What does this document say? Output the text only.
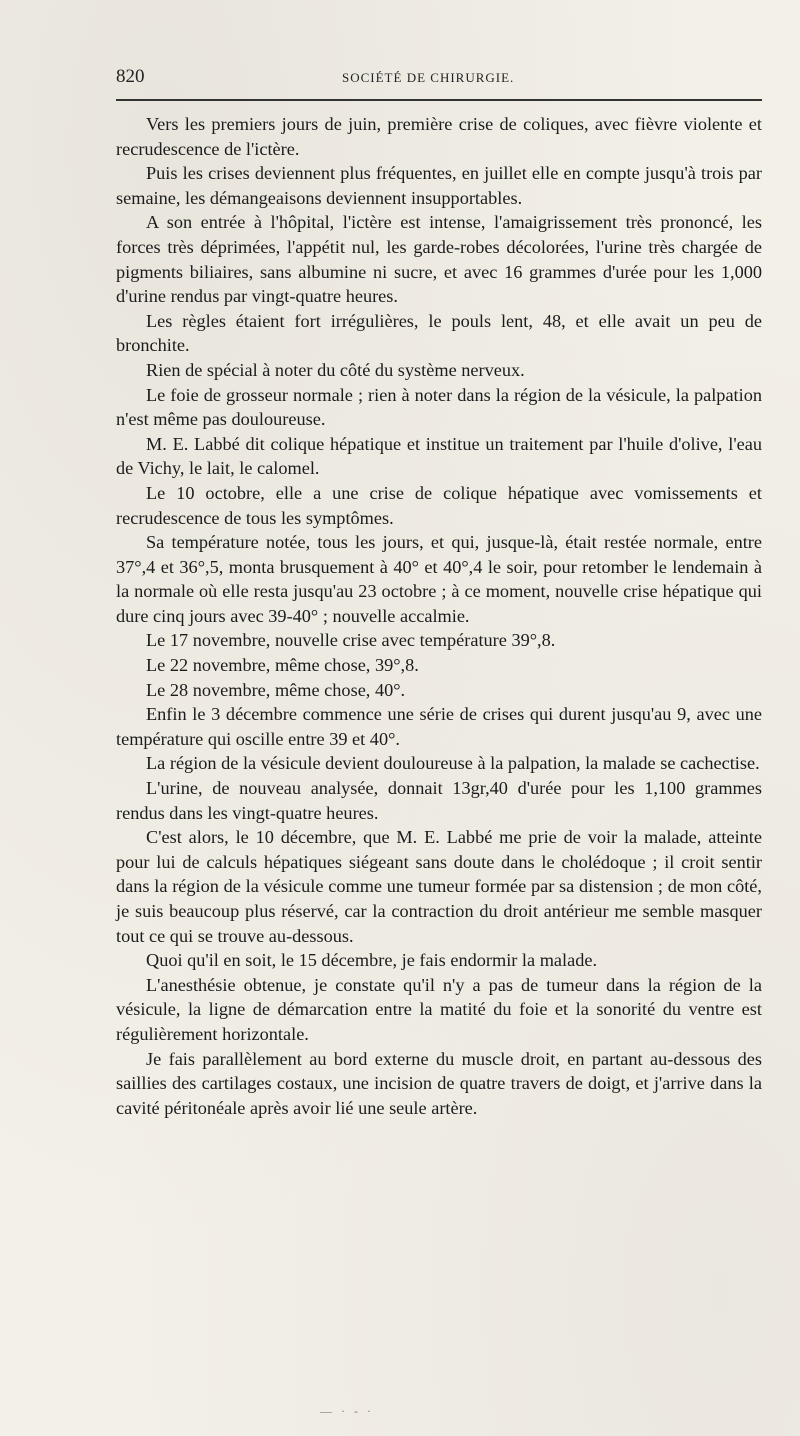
820	SOCIÉTÉ DE CHIRURGIE.

Vers les premiers jours de juin, première crise de coliques, avec fièvre violente et recrudescence de l'ictère.

Puis les crises deviennent plus fréquentes, en juillet elle en compte jusqu'à trois par semaine, les démangeaisons deviennent insupportables.

A son entrée à l'hôpital, l'ictère est intense, l'amaigrissement très prononcé, les forces très déprimées, l'appétit nul, les garde-robes décolorées, l'urine très chargée de pigments biliaires, sans albumine ni sucre, et avec 16 grammes d'urée pour les 1,000 d'urine rendus par vingt-quatre heures.

Les règles étaient fort irrégulières, le pouls lent, 48, et elle avait un peu de bronchite.

Rien de spécial à noter du côté du système nerveux.

Le foie de grosseur normale ; rien à noter dans la région de la vésicule, la palpation n'est même pas douloureuse.

M. E. Labbé dit colique hépatique et institue un traitement par l'huile d'olive, l'eau de Vichy, le lait, le calomel.

Le 10 octobre, elle a une crise de colique hépatique avec vomissements et recrudescence de tous les symptômes.

Sa température notée, tous les jours, et qui, jusque-là, était restée normale, entre 37°,4 et 36°,5, monta brusquement à 40° et 40°,4 le soir, pour retomber le lendemain à la normale où elle resta jusqu'au 23 octobre ; à ce moment, nouvelle crise hépatique qui dure cinq jours avec 39-40° ; nouvelle accalmie.

Le 17 novembre, nouvelle crise avec température 39°,8.

Le 22 novembre, même chose, 39°,8.

Le 28 novembre, même chose, 40°.

Enfin le 3 décembre commence une série de crises qui durent jusqu'au 9, avec une température qui oscille entre 39 et 40°.

La région de la vésicule devient douloureuse à la palpation, la malade se cachectise.

L'urine, de nouveau analysée, donnait 13gr,40 d'urée pour les 1,100 grammes rendus dans les vingt-quatre heures.

C'est alors, le 10 décembre, que M. E. Labbé me prie de voir la malade, atteinte pour lui de calculs hépatiques siégeant sans doute dans le cholédoque ; il croit sentir dans la région de la vésicule comme une tumeur formée par sa distension ; de mon côté, je suis beaucoup plus réservé, car la contraction du droit antérieur me semble masquer tout ce qui se trouve au-dessous.

Quoi qu'il en soit, le 15 décembre, je fais endormir la malade.

L'anesthésie obtenue, je constate qu'il n'y a pas de tumeur dans la région de la vésicule, la ligne de démarcation entre la matité du foie et la sonorité du ventre est régulièrement horizontale.

Je fais parallèlement au bord externe du muscle droit, en partant au-dessous des saillies des cartilages costaux, une incision de quatre travers de doigt, et j'arrive dans la cavité péritonéale après avoir lié une seule artère.

— · - ·
